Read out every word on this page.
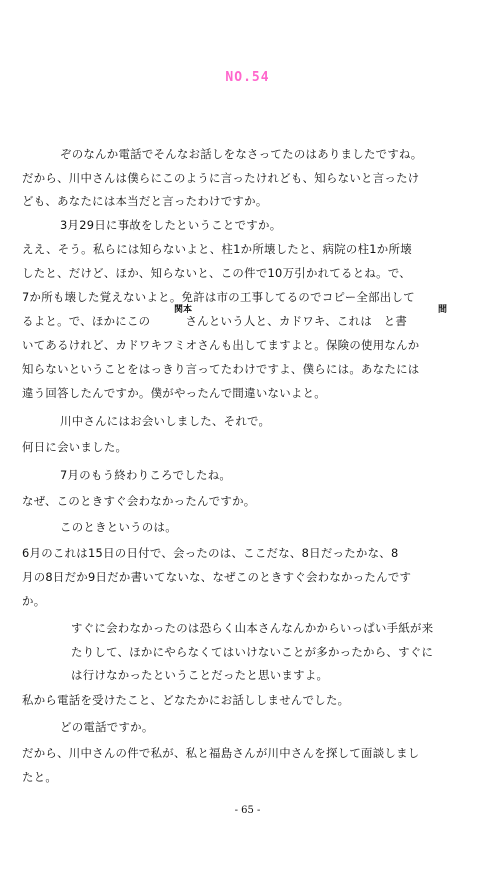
NO.54
ぞのなんか電話でそんなお話しをなさってたのはありましたですね。
だから、川中さんは僕らにこのように言ったけれども、知らないと言ったけ
ども、あなたには本当だと言ったわけですか。
3月29日に事故をしたということですか。
ええ、そう。私らには知らないよと、柱1か所壊したと、病院の柱1か所壊
したと、だけど、ほか、知らないと、この件で10万引かれてるとね。で、
7か所も壊した覚えないよと。免許は市の工事してるのでコピー全部出して
関本
るよと。で、ほかにこの　　　さんという人と、カドワキ、これは　と書
間
いてあるけれど、カドワキフミオさんも出してますよと。保険の使用なんか
知らないということをはっきり言ってたわけですよ、僕らには。あなたには
違う回答したんですか。僕がやったんで間違いないよと。
川中さんにはお会いしました、それで。
何日に会いました。
7月のもう終わりころでしたね。
なぜ、このときすぐ会わなかったんですか。
このときというのは。
6月のこれは15日の日付で、会ったのは、ここだな、8日だったかな、8
月の8日だか9日だか書いてないな、なぜこのときすぐ会わなかったんです
か。
すぐに会わなかったのは恐らく山本さんなんかからいっぱい手紙が来
たりして、ほかにやらなくてはいけないことが多かったから、すぐに
は行けなかったということだったと思いますよ。
私から電話を受けたこと、どなたかにお話ししませんでした。
どの電話ですか。
だから、川中さんの件で私が、私と福島さんが川中さんを探して面談しまし
たと。
- 65 -
